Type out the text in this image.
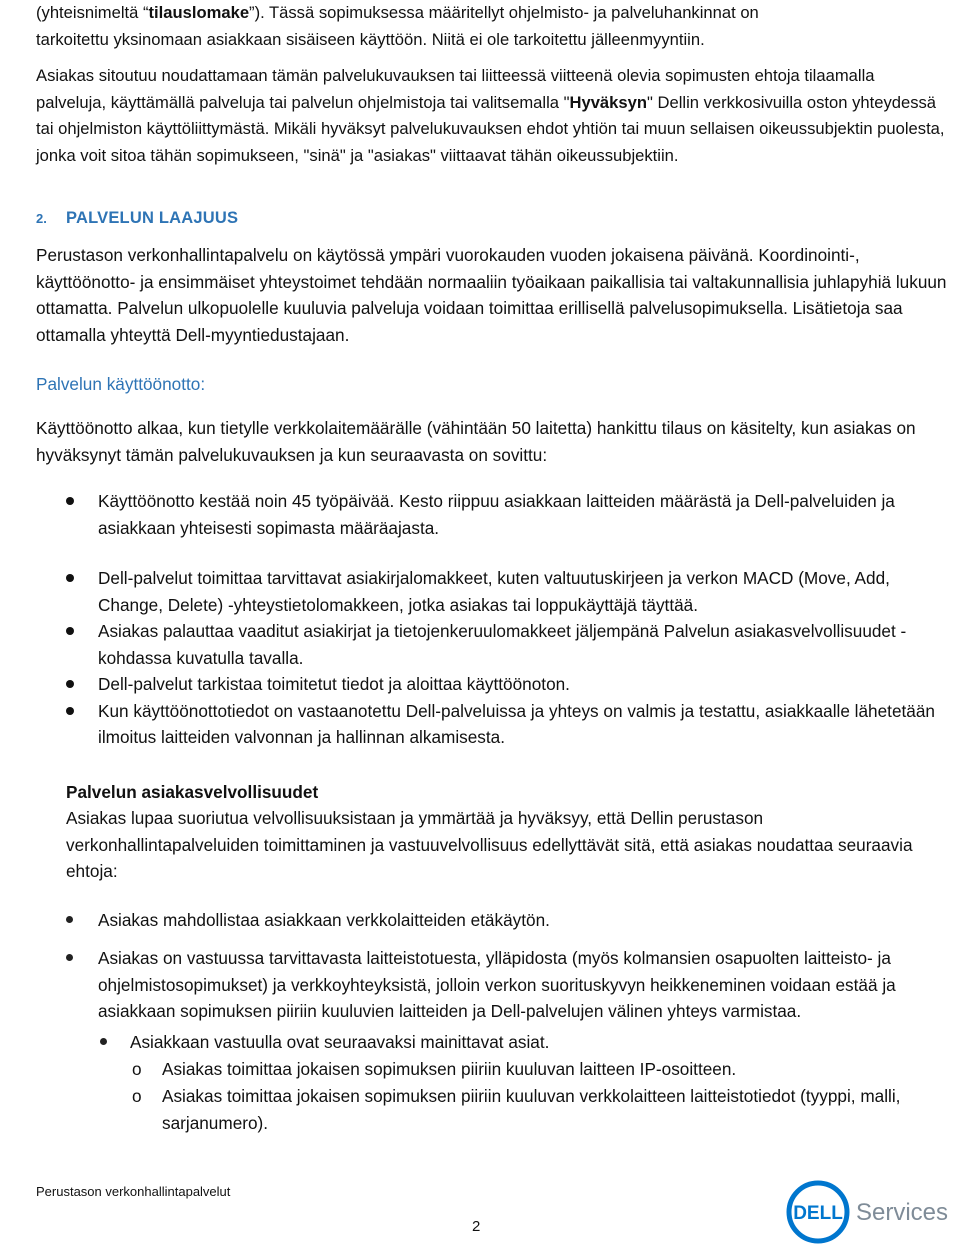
(yhteisnimeltä “tilauslomake”). Tässä sopimuksessa määritellyt ohjelmisto- ja palveluhankinnat on
tarkoitettu yksinomaan asiakkaan sisäiseen käyttöön. Niitä ei ole tarkoitettu jälleenmyyntiin.

Asiakas sitoutuu noudattamaan tämän palvelukuvauksen tai liitteessä viitteenä olevia sopimusten ehtoja tilaamalla palveluja, käyttämällä palveluja tai palvelun ohjelmistoja tai valitsemalla "Hyväksyn" Dellin verkkosivuilla oston yhteydessä tai ohjelmiston käyttöliittymästä. Mikäli hyväksyt palvelukuvauksen ehdot yhtiön tai muun sellaisen oikeussubjektin puolesta, jonka voit sitoa tähän sopimukseen, "sinä" ja "asiakas" viittaavat tähän oikeussubjektiin.

2.	PALVELUN LAAJUUS

Perustason verkonhallintapalvelu on käytössä ympäri vuorokauden vuoden jokaisena päivänä. Koordinointi-, käyttöönotto- ja ensimmäiset yhteystoimet tehdään normaaliin työaikaan paikallisia tai valtakunnallisia juhlapyhiä lukuun ottamatta. Palvelun ulkopuolelle kuuluvia palveluja voidaan toimittaa erillisellä palvelusopimuksella. Lisätietoja saa ottamalla yhteyttä Dell-myyntiedustajaan.

Palvelun käyttöönotto:

Käyttöönotto alkaa, kun tietylle verkkolaitemäärälle (vähintään 50 laitetta) hankittu tilaus on käsitelty, kun asiakas on hyväksynyt tämän palvelukuvauksen ja kun seuraavasta on sovittu:

Käyttöönotto kestää noin 45 työpäivää. Kesto riippuu asiakkaan laitteiden määrästä ja Dell-palveluiden ja asiakkaan yhteisesti sopimasta määräajasta.
Dell-palvelut toimittaa tarvittavat asiakirjalomakkeet, kuten valtuutuskirjeen ja verkon MACD (Move, Add, Change, Delete) -yhteystietolomakkeen, jotka asiakas tai loppukäyttäjä täyttää.
Asiakas palauttaa vaaditut asiakirjat ja tietojenkeruulomakkeet jäljempänä Palvelun asiakasvelvollisuudet -kohdassa kuvatulla tavalla.
Dell-palvelut tarkistaa toimitetut tiedot ja aloittaa käyttöönoton.
Kun käyttöönottotiedot on vastaanotettu Dell-palveluissa ja yhteys on valmis ja testattu, asiakkaalle lähetetään ilmoitus laitteiden valvonnan ja hallinnan alkamisesta.
Palvelun asiakasvelvollisuudet
Asiakas lupaa suoriutua velvollisuuksistaan ja ymmärtää ja hyväksyy, että Dellin perustason verkonhallintapalveluiden toimittaminen ja vastuuvelvollisuus edellyttävät sitä, että asiakas noudattaa seuraavia ehtoja:
Asiakas mahdollistaa asiakkaan verkkolaitteiden etäkäytön.
Asiakas on vastuussa tarvittavasta laitteistotuesta, ylläpidosta (myös kolmansien osapuolten laitteisto- ja ohjelmistosopimukset) ja verkkoyhteyksistä, jolloin verkon suorituskyvyn heikkeneminen voidaan estää ja asiakkaan sopimuksen piiriin kuuluvien laitteiden ja Dell-palvelujen välinen yhteys varmistaa.
Asiakkaan vastuulla ovat seuraavaksi mainittavat asiat.
o Asiakas toimittaa jokaisen sopimuksen piiriin kuuluvan laitteen IP-osoitteen.
o Asiakas toimittaa jokaisen sopimuksen piiriin kuuluvan verkkolaitteen laitteistotiedot (tyyppi, malli, sarjanumero).
Perustason verkonhallintapalvelut
2
DELL Services
